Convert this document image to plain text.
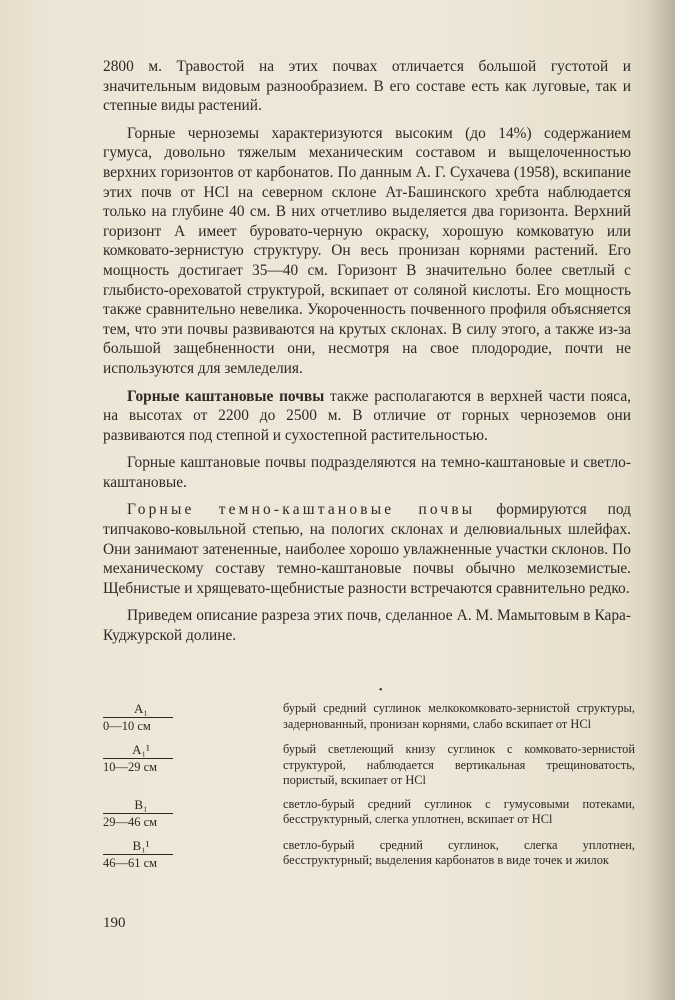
2800 м. Травостой на этих почвах отличается большой густотой и значительным видовым разнообразием. В его составе есть как луговые, так и степные виды растений.

Горные черноземы характеризуются высоким (до 14%) содержанием гумуса, довольно тяжелым механическим составом и выщелоченностью верхних горизонтов от карбонатов. По данным А. Г. Сухачева (1958), вскипание этих почв от HCl на северном склоне Ат-Башинского хребта наблюдается только на глубине 40 см. В них отчетливо выделяется два горизонта. Верхний горизонт А имеет буровато-черную окраску, хорошую комковатую или комковато-зернистую структуру. Он весь пронизан корнями растений. Его мощность достигает 35—40 см. Горизонт В значительно более светлый с глыбисто-ореховатой структурой, вскипает от соляной кислоты. Его мощность также сравнительно невелика. Укороченность почвенного профиля объясняется тем, что эти почвы развиваются на крутых склонах. В силу этого, а также из-за большой защебненности они, несмотря на свое плодородие, почти не используются для земледелия.

Горные каштановые почвы также располагаются в верхней части пояса, на высотах от 2200 до 2500 м. В отличие от горных черноземов они развиваются под степной и сухостепной растительностью.

Горные каштановые почвы подразделяются на темно-каштановые и светло-каштановые.

Горные темно-каштановые почвы формируются под типчаково-ковыльной степью, на пологих склонах и делювиальных шлейфах. Они занимают затененные, наиболее хорошо увлажненные участки склонов. По механическому составу темно-каштановые почвы обычно мелкоземистые. Щебнистые и хрящевато-щебнистые разности встречаются сравнительно редко.

Приведем описание разреза этих почв, сделанное А. М. Мамытовым в Кара-Куджурской долине.

•
A₁
0—10 см
бурый средний суглинок мелкокомковато-зернистой структуры, задернованный, пронизан корнями, слабо вскипает от HCl
A₁¹
10—29 см
бурый светлеющий книзу суглинок с комковато-зернистой структурой, наблюдается вертикальная трещиноватость, пористый, вскипает от HCl
B₁
29—46 см
светло-бурый средний суглинок с гумусовыми потеками, бесструктурный, слегка уплотнен, вскипает от HCl
B₁¹
46—61 см
светло-бурый средний суглинок, слегка уплотнен, бесструктурный; выделения карбонатов в виде точек и жилок
190
